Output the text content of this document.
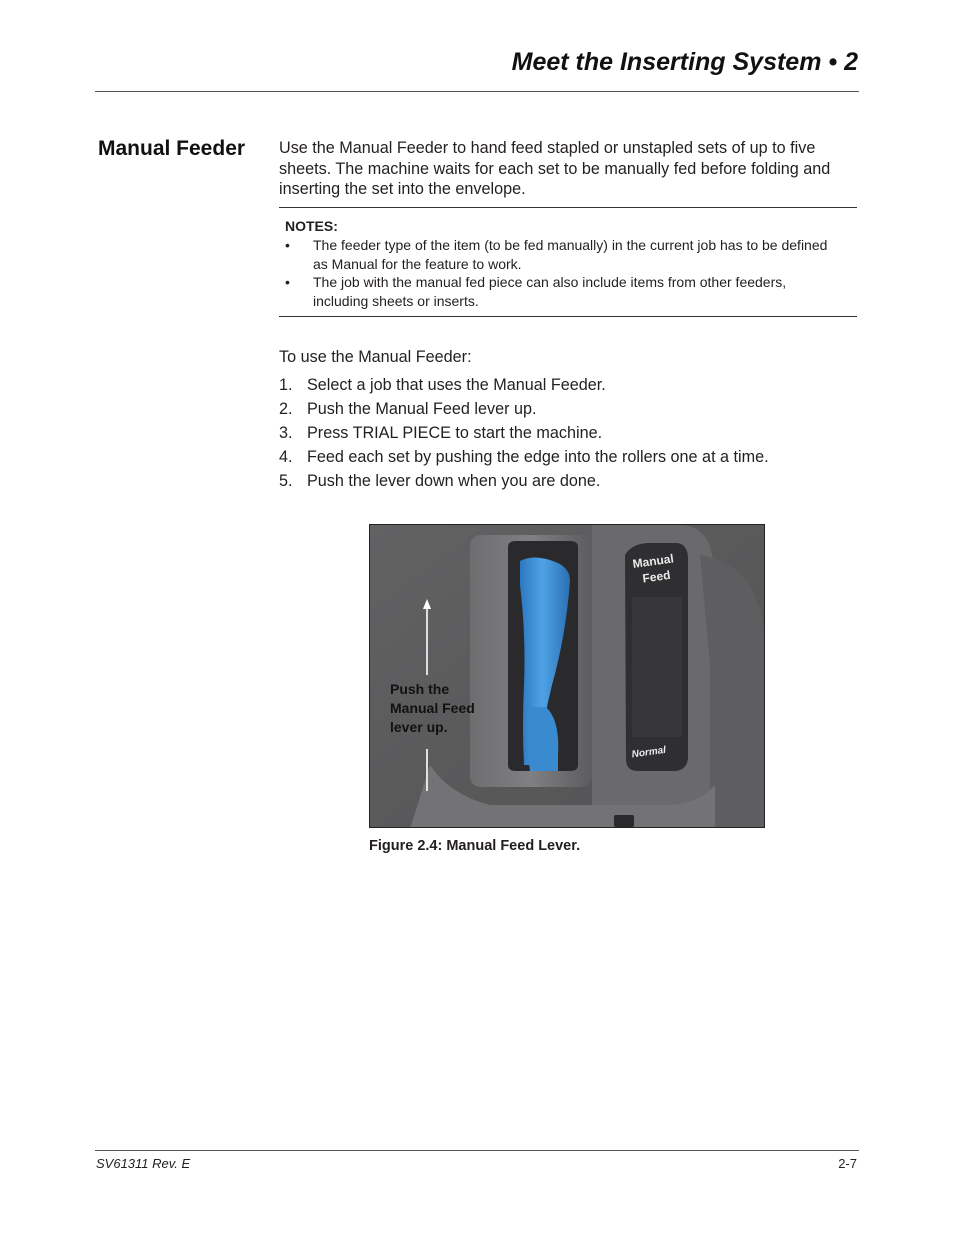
Meet the Inserting System • 2
Manual Feeder Use the Manual Feeder to hand feed stapled or unstapled sets of up to five sheets. The machine waits for each set to be manually fed before folding and inserting the set into the envelope.

NOTES:

• The feeder type of the item (to be fed manually) in the current job has to be defined as Manual for the feature to work.
• The job with the manual fed piece can also include items from other feeders, including sheets or inserts.

To use the Manual Feeder:

1. Select a job that uses the Manual Feeder.
2. Push the Manual Feed lever up.
3. Press TRIAL PIECE to start the machine.
4. Feed each set by pushing the edge into the rollers one at a time.
5. Push the lever down when you are done.
Manual
Feed
Normal
Push the
Manual Feed
lever up.

Figure 2.4: Manual Feed Lever.

SV61311 Rev. E	2-7
